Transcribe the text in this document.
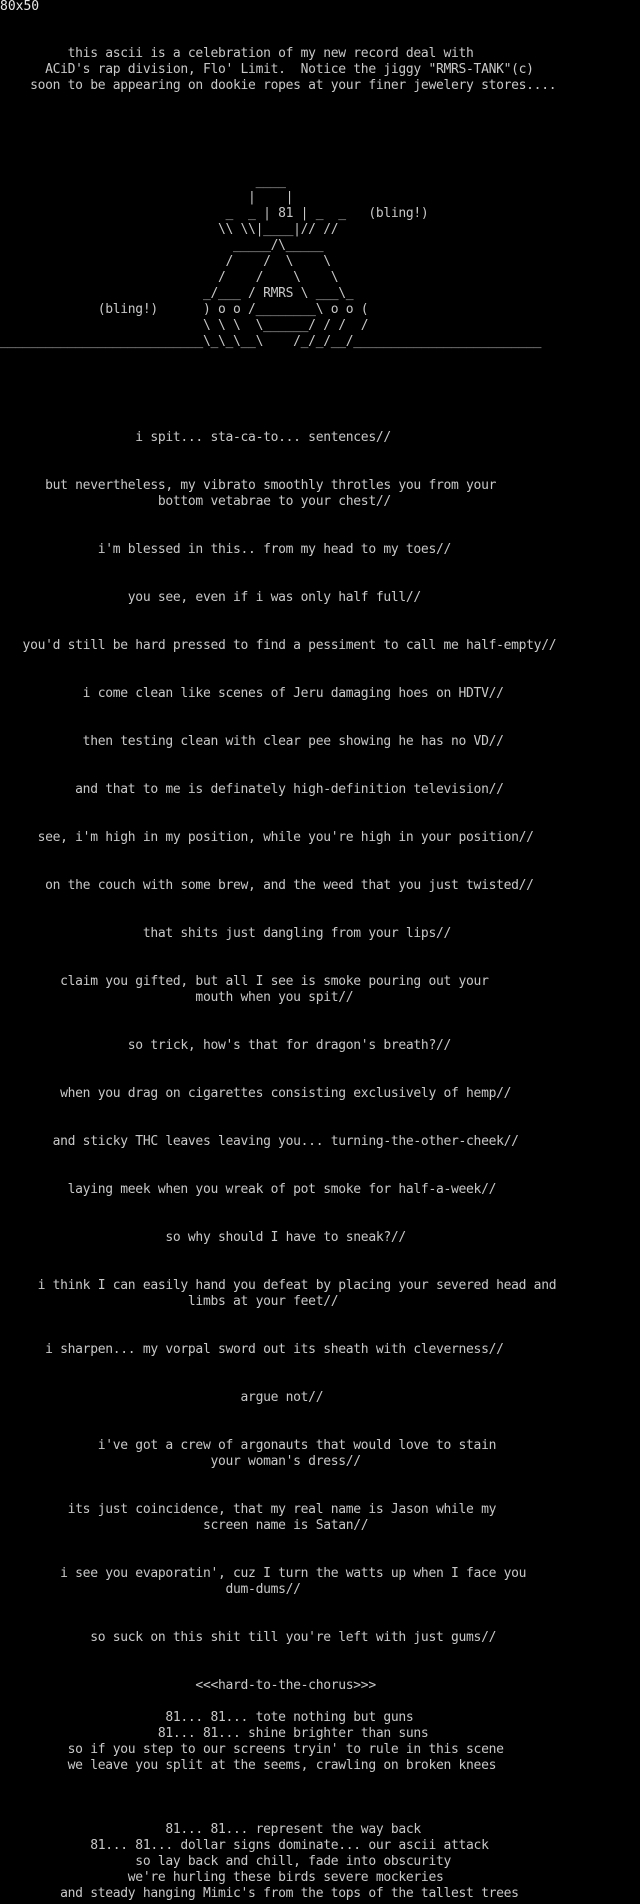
80x50

this ascii is a celebration of my new record deal with
ACiD's rap division, Flo' Limit.  Notice the jiggy "RMRS-TANK"(c)
soon to be appearing on dookie ropes at your finer jewelery stores....

____
|    |
_  _ | 81 | _  _   (bling!)
\\ \\|____|// //
_____/\_____
/    /  \    \
/    /    \    \
_/___ / RMRS \ ___\_
(bling!)      ) o o /________\ o o (
\ \ \  \______/ / /  /
___________________________\_\_\__\    /_/_/__/_________________________

i spit... sta-ca-to... sentences//

but nevertheless, my vibrato smoothly throtles you from your
bottom vetabrae to your chest//

i'm blessed in this.. from my head to my toes//

you see, even if i was only half full//

you'd still be hard pressed to find a pessiment to call me half-empty//

i come clean like scenes of Jeru damaging hoes on HDTV//

then testing clean with clear pee showing he has no VD//

and that to me is definately high-definition television//

see, i'm high in my position, while you're high in your position//

on the couch with some brew, and the weed that you just twisted//

that shits just dangling from your lips//

claim you gifted, but all I see is smoke pouring out your
mouth when you spit//

so trick, how's that for dragon's breath?//

when you drag on cigarettes consisting exclusively of hemp//

and sticky THC leaves leaving you... turning-the-other-cheek//

laying meek when you wreak of pot smoke for half-a-week//

so why should I have to sneak?//

i think I can easily hand you defeat by placing your severed head and
limbs at your feet//

i sharpen... my vorpal sword out its sheath with cleverness//

argue not//

i've got a crew of argonauts that would love to stain
your woman's dress//

its just coincidence, that my real name is Jason while my
screen name is Satan//

i see you evaporatin', cuz I turn the watts up when I face you
dum-dums//

so suck on this shit till you're left with just gums//

<<<hard-to-the-chorus>>>

81... 81... tote nothing but guns
81... 81... shine brighter than suns
so if you step to our screens tryin' to rule in this scene
we leave you split at the seems, crawling on broken knees

81... 81... represent the way back
81... 81... dollar signs dominate... our ascii attack
so lay back and chill, fade into obscurity
we're hurling these birds severe mockeries
and steady hanging Mimic's from the tops of the tallest trees
